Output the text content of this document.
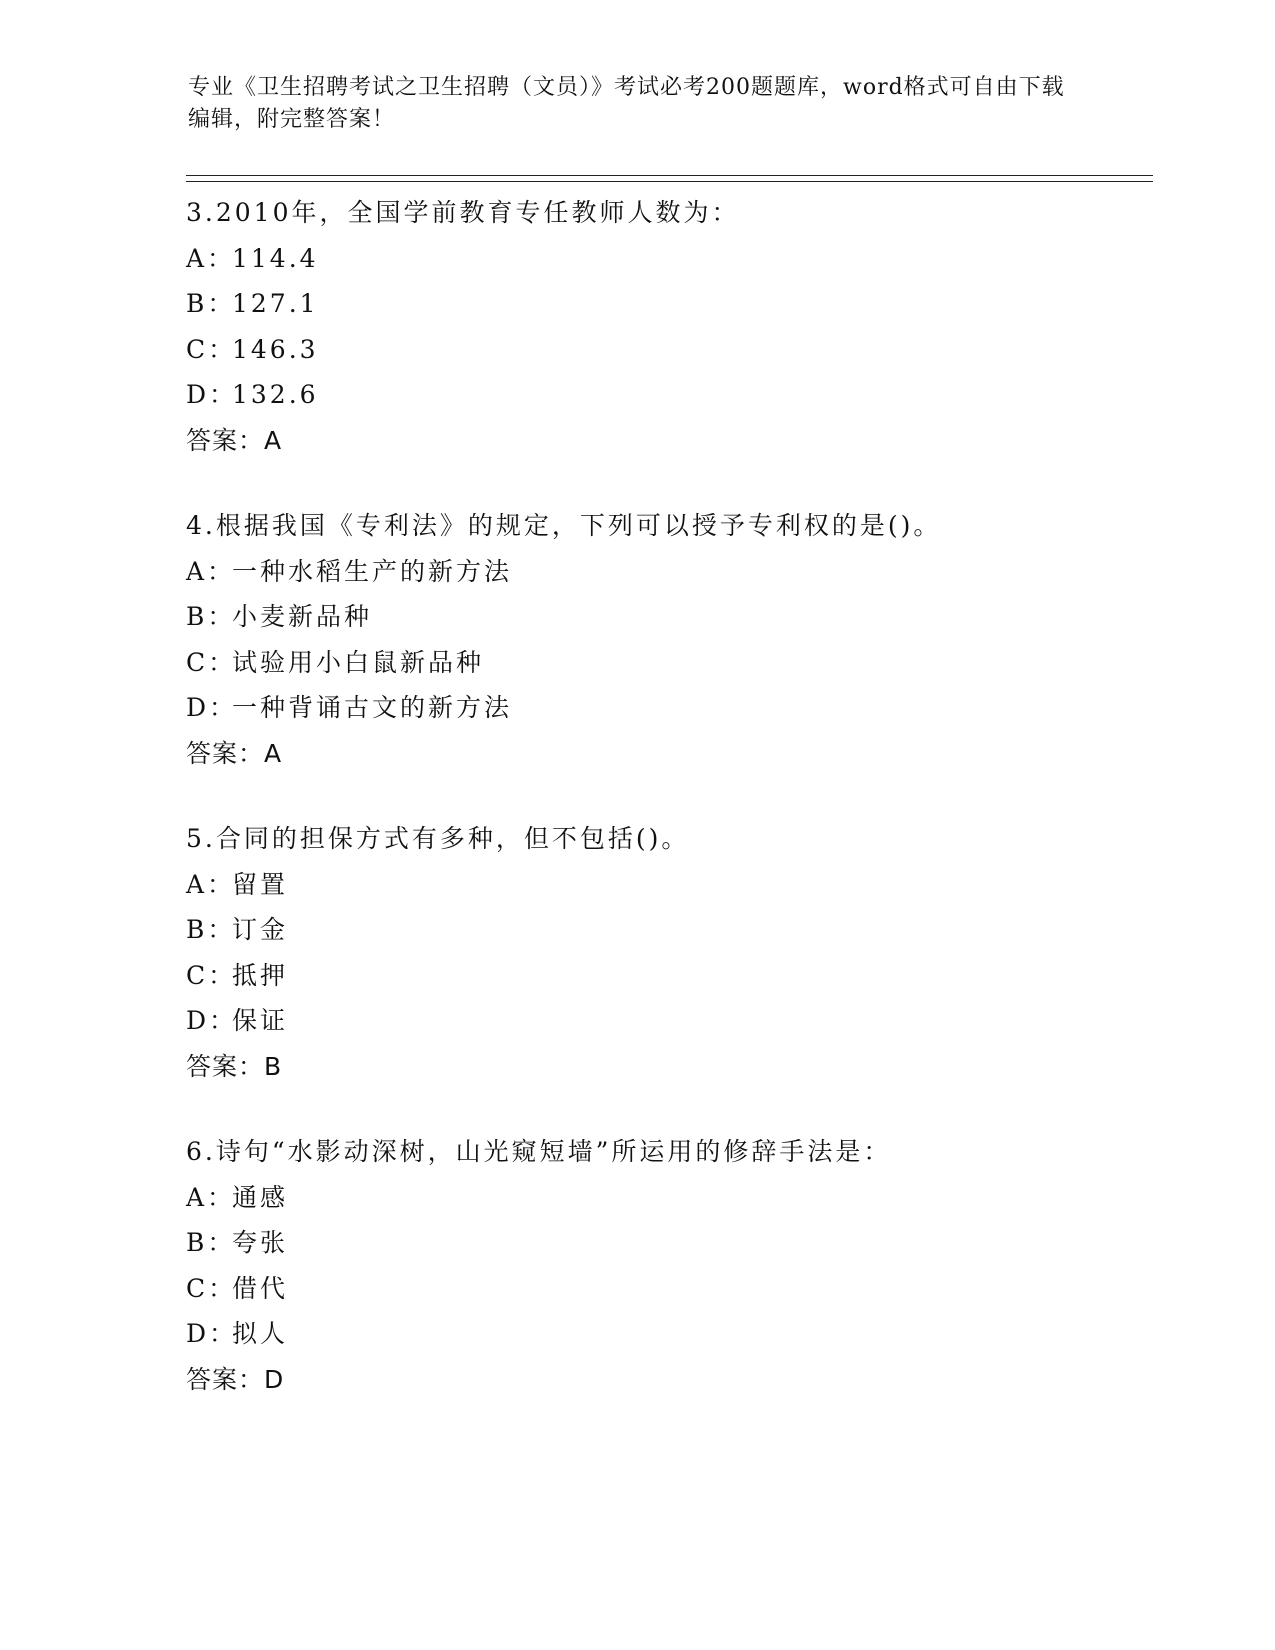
专业《卫生招聘考试之卫生招聘（文员）》考试必考200题题库，word格式可自由下载编辑，附完整答案！
3.2010年，全国学前教育专任教师人数为：
A：114.4
B：127.1
C：146.3
D：132.6
答案：A
4.根据我国《专利法》的规定，下列可以授予专利权的是()。
A：一种水稻生产的新方法
B：小麦新品种
C：试验用小白鼠新品种
D：一种背诵古文的新方法
答案：A
5.合同的担保方式有多种，但不包括()。
A：留置
B：订金
C：抵押
D：保证
答案：B
6.诗句“水影动深树，山光窥短墙”所运用的修辞手法是：
A：通感
B：夸张
C：借代
D：拟人
答案：D
